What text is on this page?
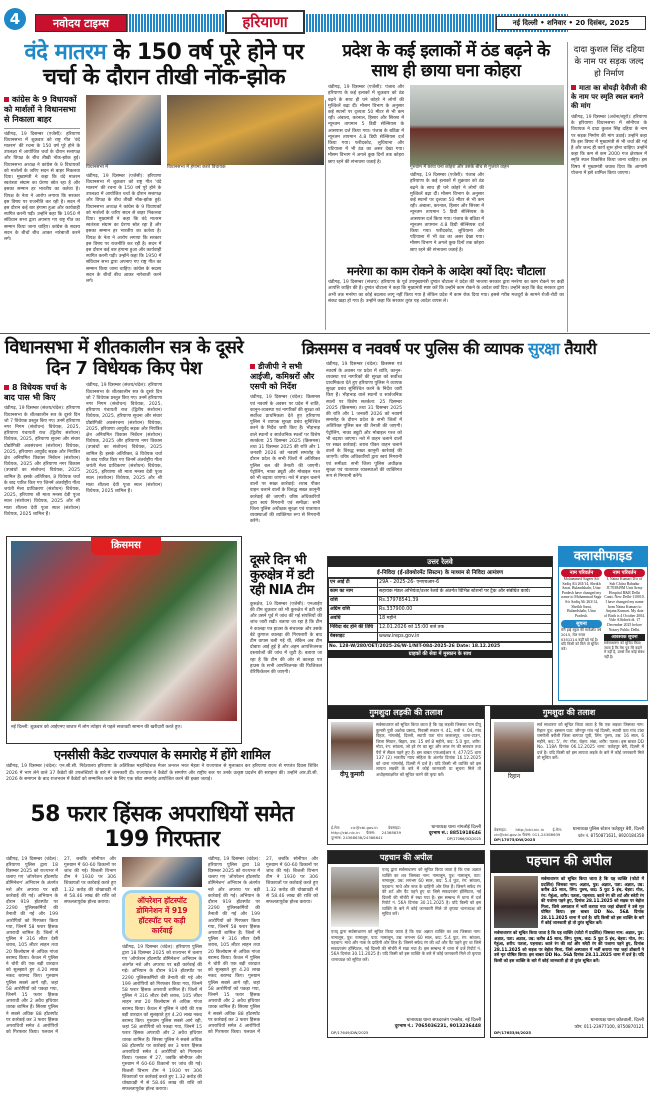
4	नवोदय टाइम्स	हरियाणा	नई दिल्ली • शनिवार • 20 दिसंबर, 2025
वंदे मातरम के 150 वर्ष पूरे होने पर
चर्चा के दौरान तीखी नोंक-झोक
कांग्रेस के 9 विधायकों को मार्शलों ने विधानसभा से निकाला बाहर
चंडीगढ़, 19 दिसम्बर (एजेंसी): हरियाणा विधानसभा में शुक्रवार को राष्ट्र गीत 'वंदे मातरम' की रचना के 150 वर्ष पूरे होने के उपलक्ष्य में आयोजित चर्चा के दौरान सत्तापक्ष और विपक्ष के बीच तीखी नोंक-झोक हुई। विधानसभा अध्यक्ष ने कांग्रेस के 9 विधायकों को मार्शलों के जरिए सदन से बाहर निकलवा दिया। मुख्यमंत्री ने कहा कि वंदे मातरम स्वतंत्रता संग्राम का प्रेरणा स्रोत रहा है और इसका सम्मान हर भारतीय का कर्तव्य है। विपक्ष के नेता ने आरोप लगाया कि सरकार इस विषय पर राजनीति कर रही है। सदन में इस दौरान कई बार हंगामा हुआ और कार्यवाही स्थगित करनी पड़ी। उन्होंने कहा कि 1950 में संविधान सभा द्वारा अपनाए गए राष्ट्र गीत का सम्मान किया जाना चाहिए। कांग्रेस के सदस्य सदन के बीचों बीच आकर नारेबाजी करने लगे।
विधानसभा में	विधानसभा में हंगामा करते विधायक
चंडीगढ़, 19 दिसम्बर (एजेंसी): हरियाणा विधानसभा में शुक्रवार को राष्ट्र गीत 'वंदे मातरम' की रचना के 150 वर्ष पूरे होने के उपलक्ष्य में आयोजित चर्चा के दौरान सत्तापक्ष और विपक्ष के बीच तीखी नोंक-झोक हुई। विधानसभा अध्यक्ष ने कांग्रेस के 9 विधायकों को मार्शलों के जरिए सदन से बाहर निकलवा दिया। मुख्यमंत्री ने कहा कि वंदे मातरम स्वतंत्रता संग्राम का प्रेरणा स्रोत रहा है और इसका सम्मान हर भारतीय का कर्तव्य है। विपक्ष के नेता ने आरोप लगाया कि सरकार इस विषय पर राजनीति कर रही है। सदन में इस दौरान कई बार हंगामा हुआ और कार्यवाही स्थगित करनी पड़ी। उन्होंने कहा कि 1950 में संविधान सभा द्वारा अपनाए गए राष्ट्र गीत का सम्मान किया जाना चाहिए। कांग्रेस के सदस्य सदन के बीचों बीच आकर नारेबाजी करने लगे।
प्रदेश के कई इलाकों में ठंड बढ़ने के साथ ही छाया घना कोहरा
चंडीगढ़, 19 दिसम्बर (एजेंसी): पंजाब और हरियाणा के कई इलाकों में शुक्रवार को ठंड बढ़ने के साथ ही घने कोहरे ने लोगों की मुश्किलें बढ़ा दीं। मौसम विभाग के अनुसार कई स्थानों पर दृश्यता 50 मीटर से भी कम रही। अंबाला, करनाल, हिसार और सिरसा में न्यूनतम तापमान 5 डिग्री सेल्सियस के आसपास दर्ज किया गया। पंजाब के बठिंडा में न्यूनतम तापमान 4.8 डिग्री सेल्सियस दर्ज किया गया। फरीदकोट, लुधियाना और पटियाला में भी ठंड का असर देखा गया। मौसम विभाग ने अगले कुछ दिनों तक कोहरा छाए रहने की संभावना जताई है।
गुरुग्राम में छाया घना कोहरा और उसके बीच से गुजरते वाहन
चंडीगढ़, 19 दिसम्बर (एजेंसी): पंजाब और हरियाणा के कई इलाकों में शुक्रवार को ठंड बढ़ने के साथ ही घने कोहरे ने लोगों की मुश्किलें बढ़ा दीं। मौसम विभाग के अनुसार कई स्थानों पर दृश्यता 50 मीटर से भी कम रही। अंबाला, करनाल, हिसार और सिरसा में न्यूनतम तापमान 5 डिग्री सेल्सियस के आसपास दर्ज किया गया। पंजाब के बठिंडा में न्यूनतम तापमान 4.8 डिग्री सेल्सियस दर्ज किया गया। फरीदकोट, लुधियाना और पटियाला में भी ठंड का असर देखा गया। मौसम विभाग ने अगले कुछ दिनों तक कोहरा छाए रहने की संभावना जताई है।
मनरेगा का काम रोकने के आदेश क्यों दिए: चौटाला
चंडीगढ़, 19 दिसम्बर (संजय): हरियाणा के पूर्व उपमुख्यमंत्री दुष्यंत चौटाला ने प्रदेश की भाजपा सरकार द्वारा मनरेगा का काम रोकने पर कड़ी आपत्ति जाहिर की है। दुष्यंत चौटाला ने कहा कि मुख्यमंत्री स्पष्ट करें कि उन्होंने काम रोकने के आदेश क्यों दिए। उन्होंने कहा कि केंद्र सरकार द्वारा अभी तक मनरेगा का कोई बदलाव लागू नहीं किया गया है लेकिन प्रदेश में काम रोक दिया गया। इससे गरीब मजदूरों के सामने रोजी-रोटी का संकट खड़ा हो गया है। उन्होंने कहा कि सरकार तुरंत यह आदेश वापस ले।
दादा कुशल सिंह दहिया के नाम पर सड़क जल्द हो निर्माण
माता का बोयड़ी देवीजी की के नाम पर स्मृति स्थल बनाने की मांग
चंडीगढ़, 19 दिसम्बर (अर्चना/ब्यूरो): हरियाणा के हरियाणा विधानसभा में सोनीपत के विधायक ने दादा कुशल सिंह दहिया के नाम पर सड़क निर्माण की मांग उठाई। उन्होंने कहा कि इस विषय में मुख्यमंत्री से भी चर्चा की गई है और जल्द ही कार्य शुरू होना चाहिए। उन्होंने कहा कि कम से कम 2000 गज क्षेत्रफल में स्मृति स्थल विकसित किया जाना चाहिए। इस विषय में मुख्यमंत्री जवाब दिया कि आगामी योजना में इसे शामिल किया जाएगा।
विधानसभा में शीतकालीन सत्र के दूसरे दिन 7 विधेयक किए पेश
8 विधेयक चर्चा के बाद पास भी किए
चंडीगढ़, 19 दिसम्बर (संजय/चंदेल): हरियाणा विधानसभा के शीतकालीन सत्र के दूसरे दिन जो 7 विधेयक प्रस्तुत किए गए। उनमें हरियाणा नगर निगम (संशोधन) विधेयक, 2025, हरियाणा पंचायती राज (द्वितीय संशोधन) विधेयक, 2025, हरियाणा सूचना और संचार प्रौद्योगिकी अवसंरचना (संशोधन) विधेयक, 2025, हरियाणा आयुर्वेद सड़क और नियंत्रित क्षेत्र अनियमित विकास निर्बंधन (संशोधन) विधेयक, 2025 और हरियाणा नगर विकास (उपबंधों का संशोधन) विधेयक, 2025 शामिल हैं। इसके अतिरिक्त, 8 विधेयक चर्चा के बाद पारित किए गए जिनमें अंतर्राष्ट्रीय गीता जयंती मेला प्राधिकरण (संशोधन) विधेयक, 2025, हरियाणा श्री माता मनसा देवी पूजा स्थल (संशोधन) विधेयक, 2025 और श्री माता शीतला देवी पूजा स्थल (संशोधन) विधेयक, 2025 शामिल हैं।
चंडीगढ़, 19 दिसम्बर (संजय/चंदेल): हरियाणा विधानसभा के शीतकालीन सत्र के दूसरे दिन जो 7 विधेयक प्रस्तुत किए गए। उनमें हरियाणा नगर निगम (संशोधन) विधेयक, 2025, हरियाणा पंचायती राज (द्वितीय संशोधन) विधेयक, 2025, हरियाणा सूचना और संचार प्रौद्योगिकी अवसंरचना (संशोधन) विधेयक, 2025, हरियाणा आयुर्वेद सड़क और नियंत्रित क्षेत्र अनियमित विकास निर्बंधन (संशोधन) विधेयक, 2025 और हरियाणा नगर विकास (उपबंधों का संशोधन) विधेयक, 2025 शामिल हैं। इसके अतिरिक्त, 8 विधेयक चर्चा के बाद पारित किए गए जिनमें अंतर्राष्ट्रीय गीता जयंती मेला प्राधिकरण (संशोधन) विधेयक, 2025, हरियाणा श्री माता मनसा देवी पूजा स्थल (संशोधन) विधेयक, 2025 और श्री माता शीतला देवी पूजा स्थल (संशोधन) विधेयक, 2025 शामिल हैं।
क्रिसमस
नई दिल्ली: शुक्रवार को आईएनए बाजार में लोग त्योहार से पहले सजावटी सामान की खरीदारी करते हुए।
क्रिसमस व नववर्ष पर पुलिस की व्यापक सुरक्षा तैयारी
डीजीपी ने सभी आईजी, कमिश्नरों और एसपी को निर्देश
चंडीगढ़, 19 दिसम्बर (चंदेल): क्रिसमस एवं नववर्ष के अवसर पर प्रदेश में शांति, कानून-व्यवस्था एवं नागरिकों की सुरक्षा को सर्वोच्च प्राथमिकता देते हुए हरियाणा पुलिस ने व्यापक सुरक्षा प्रबंध सुनिश्चित करने के निर्देश जारी किए हैं। भीड़भाड़ वाले स्थानों व सार्वजनिक स्थलों पर विशेष सतर्कता: 25 दिसम्बर 2025 (क्रिसमस) तथा 31 दिसम्बर 2025 की रात्रि और 1 जनवरी 2026 को नववर्ष समारोह के दौरान प्रदेश के सभी जिलों में अतिरिक्त पुलिस बल की तैनाती की जाएगी। पेट्रोलिंग, नाका ड्यूटी और मोबाइल गश्त को भी बढ़ाया जाएगा। नशे में वाहन चलाने वालों पर सख्त कार्रवाई: शराब पीकर वाहन चलाने वालों के विरुद्ध सख्त कानूनी कार्रवाई की जाएगी। वरिष्ठ अधिकारियों द्वारा स्वयं निगरानी एवं समीक्षा: सभी जिला पुलिस अधीक्षक सुरक्षा एवं यातायात व्यवस्थाओं की व्यक्तिगत रूप से निगरानी करेंगे।
चंडीगढ़, 19 दिसम्बर (चंदेल): क्रिसमस एवं नववर्ष के अवसर पर प्रदेश में शांति, कानून-व्यवस्था एवं नागरिकों की सुरक्षा को सर्वोच्च प्राथमिकता देते हुए हरियाणा पुलिस ने व्यापक सुरक्षा प्रबंध सुनिश्चित करने के निर्देश जारी किए हैं। भीड़भाड़ वाले स्थानों व सार्वजनिक स्थलों पर विशेष सतर्कता: 25 दिसम्बर 2025 (क्रिसमस) तथा 31 दिसम्बर 2025 की रात्रि और 1 जनवरी 2026 को नववर्ष समारोह के दौरान प्रदेश के सभी जिलों में अतिरिक्त पुलिस बल की तैनाती की जाएगी। पेट्रोलिंग, नाका ड्यूटी और मोबाइल गश्त को भी बढ़ाया जाएगा। नशे में वाहन चलाने वालों पर सख्त कार्रवाई: शराब पीकर वाहन चलाने वालों के विरुद्ध सख्त कानूनी कार्रवाई की जाएगी। वरिष्ठ अधिकारियों द्वारा स्वयं निगरानी एवं समीक्षा: सभी जिला पुलिस अधीक्षक सुरक्षा एवं यातायात व्यवस्थाओं की व्यक्तिगत रूप से निगरानी करेंगे।
दूसरे दिन भी कुरुक्षेत्र में डटी रही NIA टीम
कुरुक्षेत्र, 19 दिसम्बर (एजेंसी): एनआईए की टीम शुक्रवार को भी कुरुक्षेत्र में डटी रही और उसने पूर्व में जांच की गई संपत्तियों की जांच जारी रखी। बताया जा रहा है कि टीम ने कालड़ा पत्र हाउस के संचालक और उसके बेटे कुणाल कालड़ा की गिरफ्तारी के बाद टीम वापस चली गई थी, लेकिन अब टीम दोबारा आई हुई है और अहम आपत्तिजनक दस्तावेजों की जांच में जुटी है। बताया जा रहा है कि टीम की ओर से कालड़ा पत्र हाउस के सभी आपत्तिजनक की फिजिकल वेरिफिकेशन की जाएगी।
उत्तर रेलवे
ई-निविदा (ई-प्रोक्योरमेंट सिस्टम) के माध्यम से निविदा आमंत्रण
एन आई टी	29A - 2025-26- एनएचआर-6
काम का नाम	सहायक मंडल अभियंता/उत्तर रेलवे के अंतर्गत विभिन्न स्टेशनों पर ट्रैक और संबंधित कार्य।
राशि	Rs.37978541.39
अग्रिम राशि	Rs.337900.00
अवधि	18 महीने
निविदा बंद होने की तिथि	12.01.2026 को 15:00 बजे तक
वेबसाइट	www.ireps.gov.in
No. 128-W/280/OET/2025-26/W-1/NIT-084-2025-26 Date: 18.12.2025
ग्राहकों की सेवा में मुस्कान के साथ
क्लासीफाइड
नाम परिवर्तन
Mohammed Sageer S/o Sadiq Ali 263/14, Sheikh Sarai, Bulandshahr, Uttar Pradesh have changed my name to Mohammad Sagir S/o Sadiq Ali 263/14, Sheikh Sarai, Bulandshahr, Uttar Pradesh.
सूचना
मेरी हाई स्कूल की मार्कशीट वर्ष 2015, रोल नम्बर 0351214 कहीं खो गई है। यदि किसी को मिले तो सूचित करें।
नाम परिवर्तन
I, Naina Kumari D/o of Sub Chitra Bahadur JC703849M Unit Army Hospital R&R Delhi Cantt. New Delhi-110010. I have changed my name from Naina Kumari to Anjana Kumari. My date of Birth is 4 October 2004. Vide Affidavit dt. 17 December 2025 before Notary Public Delhi.
आवश्यक सूचना
सर्वसाधारण को सूचित किया जाता है कि मेरा पुत्र मेरे कहने में नहीं है, उससे मेरा कोई संबंध नहीं है।
गुमशुदा लड़की की तलाश
दीपू कुमारी
सर्वसाधारण को सूचित किया जाता है कि यह लड़की जिसका नाम दीपू कुमारी पुत्री अशोक प्रसाद, निवासी मकान नं. 41, गली नं. 04, गांव विहार, नांगलोई, दिल्ली, स्थायी पता गांव जलालपुर, थाना-टाउन, जिला सिवान, बिहार, उम्र: 15 वर्ष 8 महीने, कद: 5.0 फुट, शरीर: मोटा, रंग: सांवला, जो हरे रंग का सूट और लाल रंग की सलवार तथा पैरों में सैंडल पहने हुए हैं। इस बाबत एफआईआर नं. 477/25 धारा 137 (2) भारतीय न्याय संहिता के अंतर्गत दिनांक 16.12.2025 को थाना नांगलोई, दिल्ली में दर्ज है। यदि किसी भी व्यक्ति को इस लापता लड़की के बारे में कोई जानकारी या सूचना मिले तो अधोहस्ताक्षरित को सूचित करने की कृपा करें।
ई-मेल: cic@cbi.gov.in वेबसाइट: http://cbi.nic.in फैक्स: 24368639 दूरभाष: 24368638/24368641
थानाध्यक्ष थाना नांगलोई दिल्ली
दूरभाष सं.: 8851918646
DP/17066/OD/2025
गुमशुदा की तलाश
रिहान
सर्व साधारण को सूचित किया जाता है कि एक लड़का जिसका नाम: रिहान पुत्र: इस्लाम पता: जौनपुर गांव नई दिल्ली, स्थायी पता गांव टांडा चमरोली बरौली जिला बागपत यूपी, लिंग: पुरुष, उम्र: 16 साल, 6 महीने, कद: 5', रंग: गोरा, चेहरा: लंबा, शरीर: पतला। इस बाबत DD No. 118A दिनांक 06.12.2025 थाना: फतेहपुर बेरी, दिल्ली में दर्ज है। यदि किसी को इस लापता लड़के के बारे में कोई जानकारी मिले तो सूचित करें।
वेबसाइट: http://cbi.nic.in ई-मेल: cic@cbi.gov.in फैक्स: 011-24368639
DP/17075/DW/2025
थानाध्यक्ष पुलिस स्टेशन फतेहपुर बेरी, दिल्ली
फोन नं. 8750871631, 8920184358
एनसीसी कैडेट राज्यपाल के समारोह में होंगे शामिल
चंडीगढ़, 19 दिसम्बर (चंदेल): एन.सी.सी. निदेशालय हरियाणा के अतिरिक्त महानिदेशक मेजर जनरल भरत मेहता ने राज्यपाल से मुलाकात कर हरियाणा राज्य से गणतंत्र दिवस शिविर 2026 में भाग लेने वाले 37 कैडेटों की उपलब्धियों के बारे में जानकारी दी। राज्यपाल ने कैडेटों के समर्पण और राष्ट्रीय स्तर पर उनके उत्कृष्ट प्रदर्शन की सराहना की। उन्होंने आर.डी.सी. 2026 के समापन के बाद राजभवन में कैडेटों को सम्मानित करने के लिए एक छोटा समारोह आयोजित करने की इच्छा जताई।
58 फरार हिंसक अपराधियों समेत 199 गिरफ्तार
चंडीगढ़, 19 दिसम्बर (चंदेल): हरियाणा पुलिस द्वारा 18 दिसम्बर 2025 को राज्यभर में चलाए गए 'ऑपरेशन हॉटस्पॉट डोमिनेशन' अभियान के अंतर्गत नशे और अपराध पर बड़ी कार्रवाई की गई। अभियान के दौरान 919 हॉटस्पॉट पर 2290 पुलिसकर्मियों की तैनाती की गई और 199 आरोपियों को गिरफ्तार किया गया, जिनमें 58 फरार हिंसक अपराधी शामिल हैं। जिलों में पुलिस ने 316 लीटर देसी शराब, 105 लीटर लाहन तथा 20 किलोग्राम से अधिक गांजा बरामद किया। कैथल में पुलिस ने चोरी की एक बड़ी वारदात को सुलझाते हुए 4.20 लाख नकद बरामद किए। गुरुग्राम पुलिस सबसे आगे रही, जहां 58 आरोपियों को पकड़ा गया, जिनमें 15 फरार हिंसक अपराधी और 2 अवैध हथियार धारक शामिल हैं। सिरसा पुलिस ने सबसे अधिक 88 हॉटस्पॉट पर कार्रवाई कर 3 फरार हिंसक अपराधियों समेत 4 आरोपियों को गिरफ्तार किया। पलवल में 27, जबकि सोनीपत और गुरुग्राम में 60-60 ठिकानों पर जांच की गई। बिजली विभाग टीम ने 1930 पर 306 शिकायतों पर कार्रवाई करते हुए 1.32 करोड़ की धोखाधड़ी में से 58.46 लाख की राशि को सफलतापूर्वक होल्ड कराया।	ऑपरेशन हॉटस्पॉट डोमिनेशन में 919 हॉटस्पॉट पर कड़ी कार्रवाई
चंडीगढ़, 19 दिसम्बर (चंदेल): हरियाणा पुलिस द्वारा 18 दिसम्बर 2025 को राज्यभर में चलाए गए 'ऑपरेशन हॉटस्पॉट डोमिनेशन' अभियान के अंतर्गत नशे और अपराध पर बड़ी कार्रवाई की गई। अभियान के दौरान 919 हॉटस्पॉट पर 2290 पुलिसकर्मियों की तैनाती की गई और 199 आरोपियों को गिरफ्तार किया गया, जिनमें 58 फरार हिंसक अपराधी शामिल हैं। जिलों में पुलिस ने 316 लीटर देसी शराब, 105 लीटर लाहन तथा 20 किलोग्राम से अधिक गांजा बरामद किया। कैथल में पुलिस ने चोरी की एक बड़ी वारदात को सुलझाते हुए 4.20 लाख नकद बरामद किए। गुरुग्राम पुलिस सबसे आगे रही, जहां 58 आरोपियों को पकड़ा गया, जिनमें 15 फरार हिंसक अपराधी और 2 अवैध हथियार धारक शामिल हैं। सिरसा पुलिस ने सबसे अधिक 88 हॉटस्पॉट पर कार्रवाई कर 3 फरार हिंसक अपराधियों समेत 4 आरोपियों को गिरफ्तार किया। पलवल में 27, जबकि सोनीपत और गुरुग्राम में 60-60 ठिकानों पर जांच की गई। बिजली विभाग टीम ने 1930 पर 306 शिकायतों पर कार्रवाई करते हुए 1.32 करोड़ की धोखाधड़ी में से 58.46 लाख की राशि को सफलतापूर्वक होल्ड कराया।
चंडीगढ़, 19 दिसम्बर (चंदेल): हरियाणा पुलिस द्वारा 18 दिसम्बर 2025 को राज्यभर में चलाए गए 'ऑपरेशन हॉटस्पॉट डोमिनेशन' अभियान के अंतर्गत नशे और अपराध पर बड़ी कार्रवाई की गई। अभियान के दौरान 919 हॉटस्पॉट पर 2290 पुलिसकर्मियों की तैनाती की गई और 199 आरोपियों को गिरफ्तार किया गया, जिनमें 58 फरार हिंसक अपराधी शामिल हैं। जिलों में पुलिस ने 316 लीटर देसी शराब, 105 लीटर लाहन तथा 20 किलोग्राम से अधिक गांजा बरामद किया। कैथल में पुलिस ने चोरी की एक बड़ी वारदात को सुलझाते हुए 4.20 लाख नकद बरामद किए। गुरुग्राम पुलिस सबसे आगे रही, जहां 58 आरोपियों को पकड़ा गया, जिनमें 15 फरार हिंसक अपराधी और 2 अवैध हथियार धारक शामिल हैं। सिरसा पुलिस ने सबसे अधिक 88 हॉटस्पॉट पर कार्रवाई कर 3 फरार हिंसक अपराधियों समेत 4 आरोपियों को गिरफ्तार किया। पलवल में 27, जबकि सोनीपत और गुरुग्राम में 60-60 ठिकानों पर जांच की गई। बिजली विभाग टीम ने 1930 पर 306 शिकायतों पर कार्रवाई करते हुए 1.32 करोड़ की धोखाधड़ी में से 58.46 लाख की राशि को सफलतापूर्वक होल्ड कराया।
पहचान की अपील
एतद् द्वारा सर्वसाधारण को सूचित किया जाता है कि एक अज्ञात व्यक्ति का शव जिसका नाम: नामालूम, पुत्र: नामालूम, पता: नामालूम, उम्र: लगभग 60 साल, कद: 5.4 फुट, रंग: सांवला, पहचान: माथे और नाक के दाहिनी ओर तिल हैं। जिसने सफेद रंग की शर्ट और पैंट पहने हुए था जिसे सफदरजंग हॉस्पिटल, नई दिल्ली की मोर्चरी में रखा गया है। इस सम्बन्ध में थाना में दर्ज रिपोर्ट नं. 56A दिनांक 30.11.2025 है। यदि किसी को इस व्यक्ति के बारे में कोई जानकारी मिले तो कृपया थानाध्यक्ष को सूचित करें।
एतद् द्वारा सर्वसाधारण को सूचित किया जाता है कि एक अज्ञात व्यक्ति का शव जिसका नाम: नामालूम, पुत्र: नामालूम, पता: नामालूम, उम्र: लगभग 60 साल, कद: 5.4 फुट, रंग: सांवला, पहचान: माथे और नाक के दाहिनी ओर तिल हैं। जिसने सफेद रंग की शर्ट और पैंट पहने हुए था जिसे सफदरजंग हॉस्पिटल, नई दिल्ली की मोर्चरी में रखा गया है। इस सम्बन्ध में थाना में दर्ज रिपोर्ट नं. 56A दिनांक 30.11.2025 है। यदि किसी को इस व्यक्ति के बारे में कोई जानकारी मिले तो कृपया थानाध्यक्ष को सूचित करें।
थानाध्यक्ष थाना सफदरजंग एन्क्लेव, नई दिल्ली
दूरभाष नं.: 7065036231, 9013236448
DP/17649/DW/2025
पहचान की अपील
सर्वसाधारण को सूचित किया जाता है कि यह व्यक्ति (फोटो में प्रदर्शित) जिसका नाम: अज्ञात, पुत्र: अज्ञात, पता: अज्ञात, उम्र: करीब 45 साल, लिंग: पुरुष, कद: 5 फुट 5 इंच, चेहरा: गोल, रंग: गेहुंआ, शरीर: पतला, पहनावा: काले रंग की शर्ट और स्लेटी रंग की पजामा पहने हुए, दिनांक 28.11.2025 को सड़क पर बेहोश मिला, जिसे अस्पताल में भर्ती कराया गया जहां डॉक्टरों ने उसे मृत घोषित किया। इस बाबत DD No. 56A दिनांक 28.11.2025 थाना में दर्ज है। यदि किसी को इस व्यक्ति के बारे में कोई जानकारी हो तो तुरंत सूचित करें।
सर्वसाधारण को सूचित किया जाता है कि यह व्यक्ति (फोटो में प्रदर्शित) जिसका नाम: अज्ञात, पुत्र: अज्ञात, पता: अज्ञात, उम्र: करीब 45 साल, लिंग: पुरुष, कद: 5 फुट 5 इंच, चेहरा: गोल, रंग: गेहुंआ, शरीर: पतला, पहनावा: काले रंग की शर्ट और स्लेटी रंग की पजामा पहने हुए, दिनांक 28.11.2025 को सड़क पर बेहोश मिला, जिसे अस्पताल में भर्ती कराया गया जहां डॉक्टरों ने उसे मृत घोषित किया। इस बाबत DD No. 56A दिनांक 28.11.2025 थाना में दर्ज है। यदि किसी को इस व्यक्ति के बारे में कोई जानकारी हो तो तुरंत सूचित करें।
थानाध्यक्ष थाना कोतवाली, दिल्ली
फोन: 011-23977100, 8750870121
DP/17653/N/2025
